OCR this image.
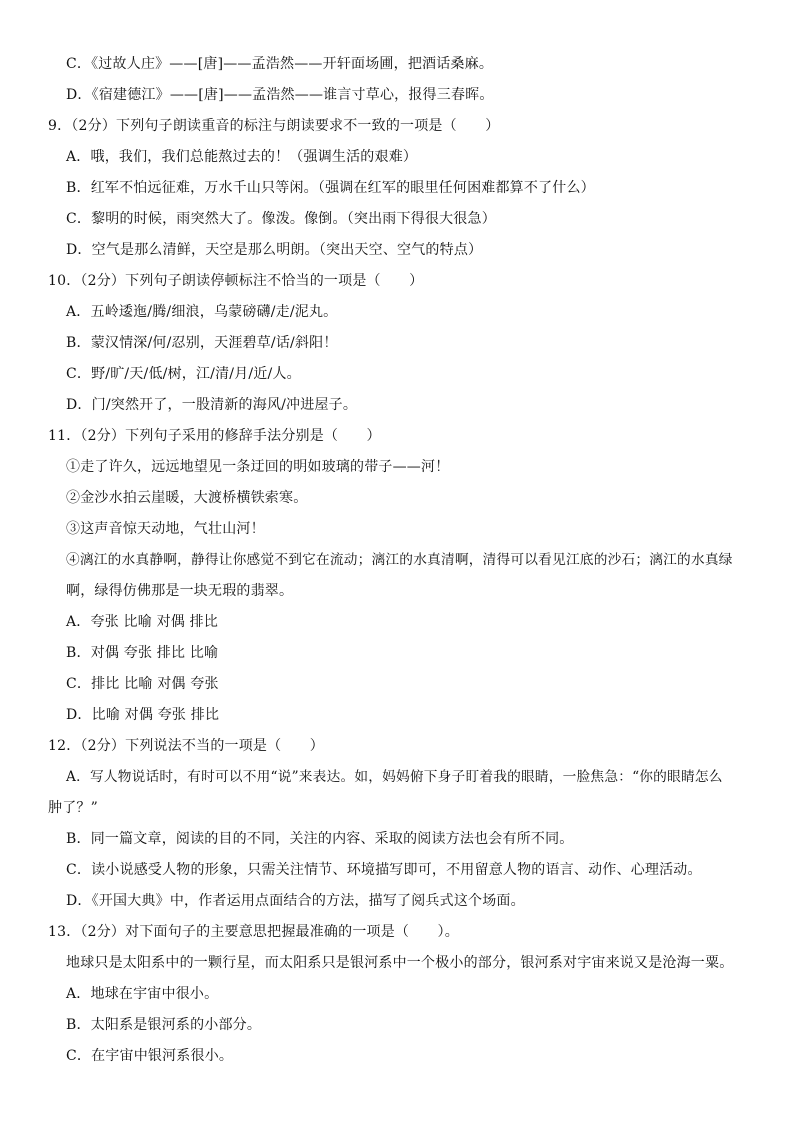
C．《过故人庄》——[唐]——孟浩然——开轩面场圃，把酒话桑麻。
D．《宿建德江》——[唐]——孟浩然——谁言寸草心，报得三春晖。
9．（2分）下列句子朗读重音的标注与朗读要求不一致的一项是（　　）
A．哦，我们，我们总能熬过去的！（强调生活的艰难）
B．红军不怕远征难，万水千山只等闲。（强调在红军的眼里任何困难都算不了什么）
C．黎明的时候，雨突然大了。像泼。像倒。（突出雨下得很大很急）
D．空气是那么清鲜，天空是那么明朗。（突出天空、空气的特点）
10．（2分）下列句子朗读停顿标注不恰当的一项是（　　）
A．五岭逶迤/腾/细浪，乌蒙磅礴/走/泥丸。
B．蒙汉情深/何/忍别，天涯碧草/话/斜阳！
C．野/旷/天/低/树，江/清/月/近/人。
D．门/突然开了，一股清新的海风/冲进屋子。
11．（2分）下列句子采用的修辞手法分别是（　　）
①走了许久，远远地望见一条迂回的明如玻璃的带子——河！
②金沙水拍云崖暖，大渡桥横铁索寒。
③这声音惊天动地，气壮山河！
④漓江的水真静啊，静得让你感觉不到它在流动；漓江的水真清啊，清得可以看见江底的沙石；漓江的水真绿
啊，绿得仿佛那是一块无瑕的翡翠。
A．夸张 比喻 对偶 排比
B．对偶 夸张 排比 比喻
C．排比 比喻 对偶 夸张
D．比喻 对偶 夸张 排比
12．（2分）下列说法不当的一项是（　　）
A．写人物说话时，有时可以不用“说”来表达。如，妈妈俯下身子盯着我的眼睛，一脸焦急：“你的眼睛怎么
肿了？”
B．同一篇文章，阅读的目的不同，关注的内容、采取的阅读方法也会有所不同。
C．读小说感受人物的形象，只需关注情节、环境描写即可，不用留意人物的语言、动作、心理活动。
D．《开国大典》中，作者运用点面结合的方法，描写了阅兵式这个场面。
13．（2分）对下面句子的主要意思把握最准确的一项是（　　）。
地球只是太阳系中的一颗行星，而太阳系只是银河系中一个极小的部分，银河系对宇宙来说又是沧海一粟。
A．地球在宇宙中很小。
B．太阳系是银河系的小部分。
C．在宇宙中银河系很小。
